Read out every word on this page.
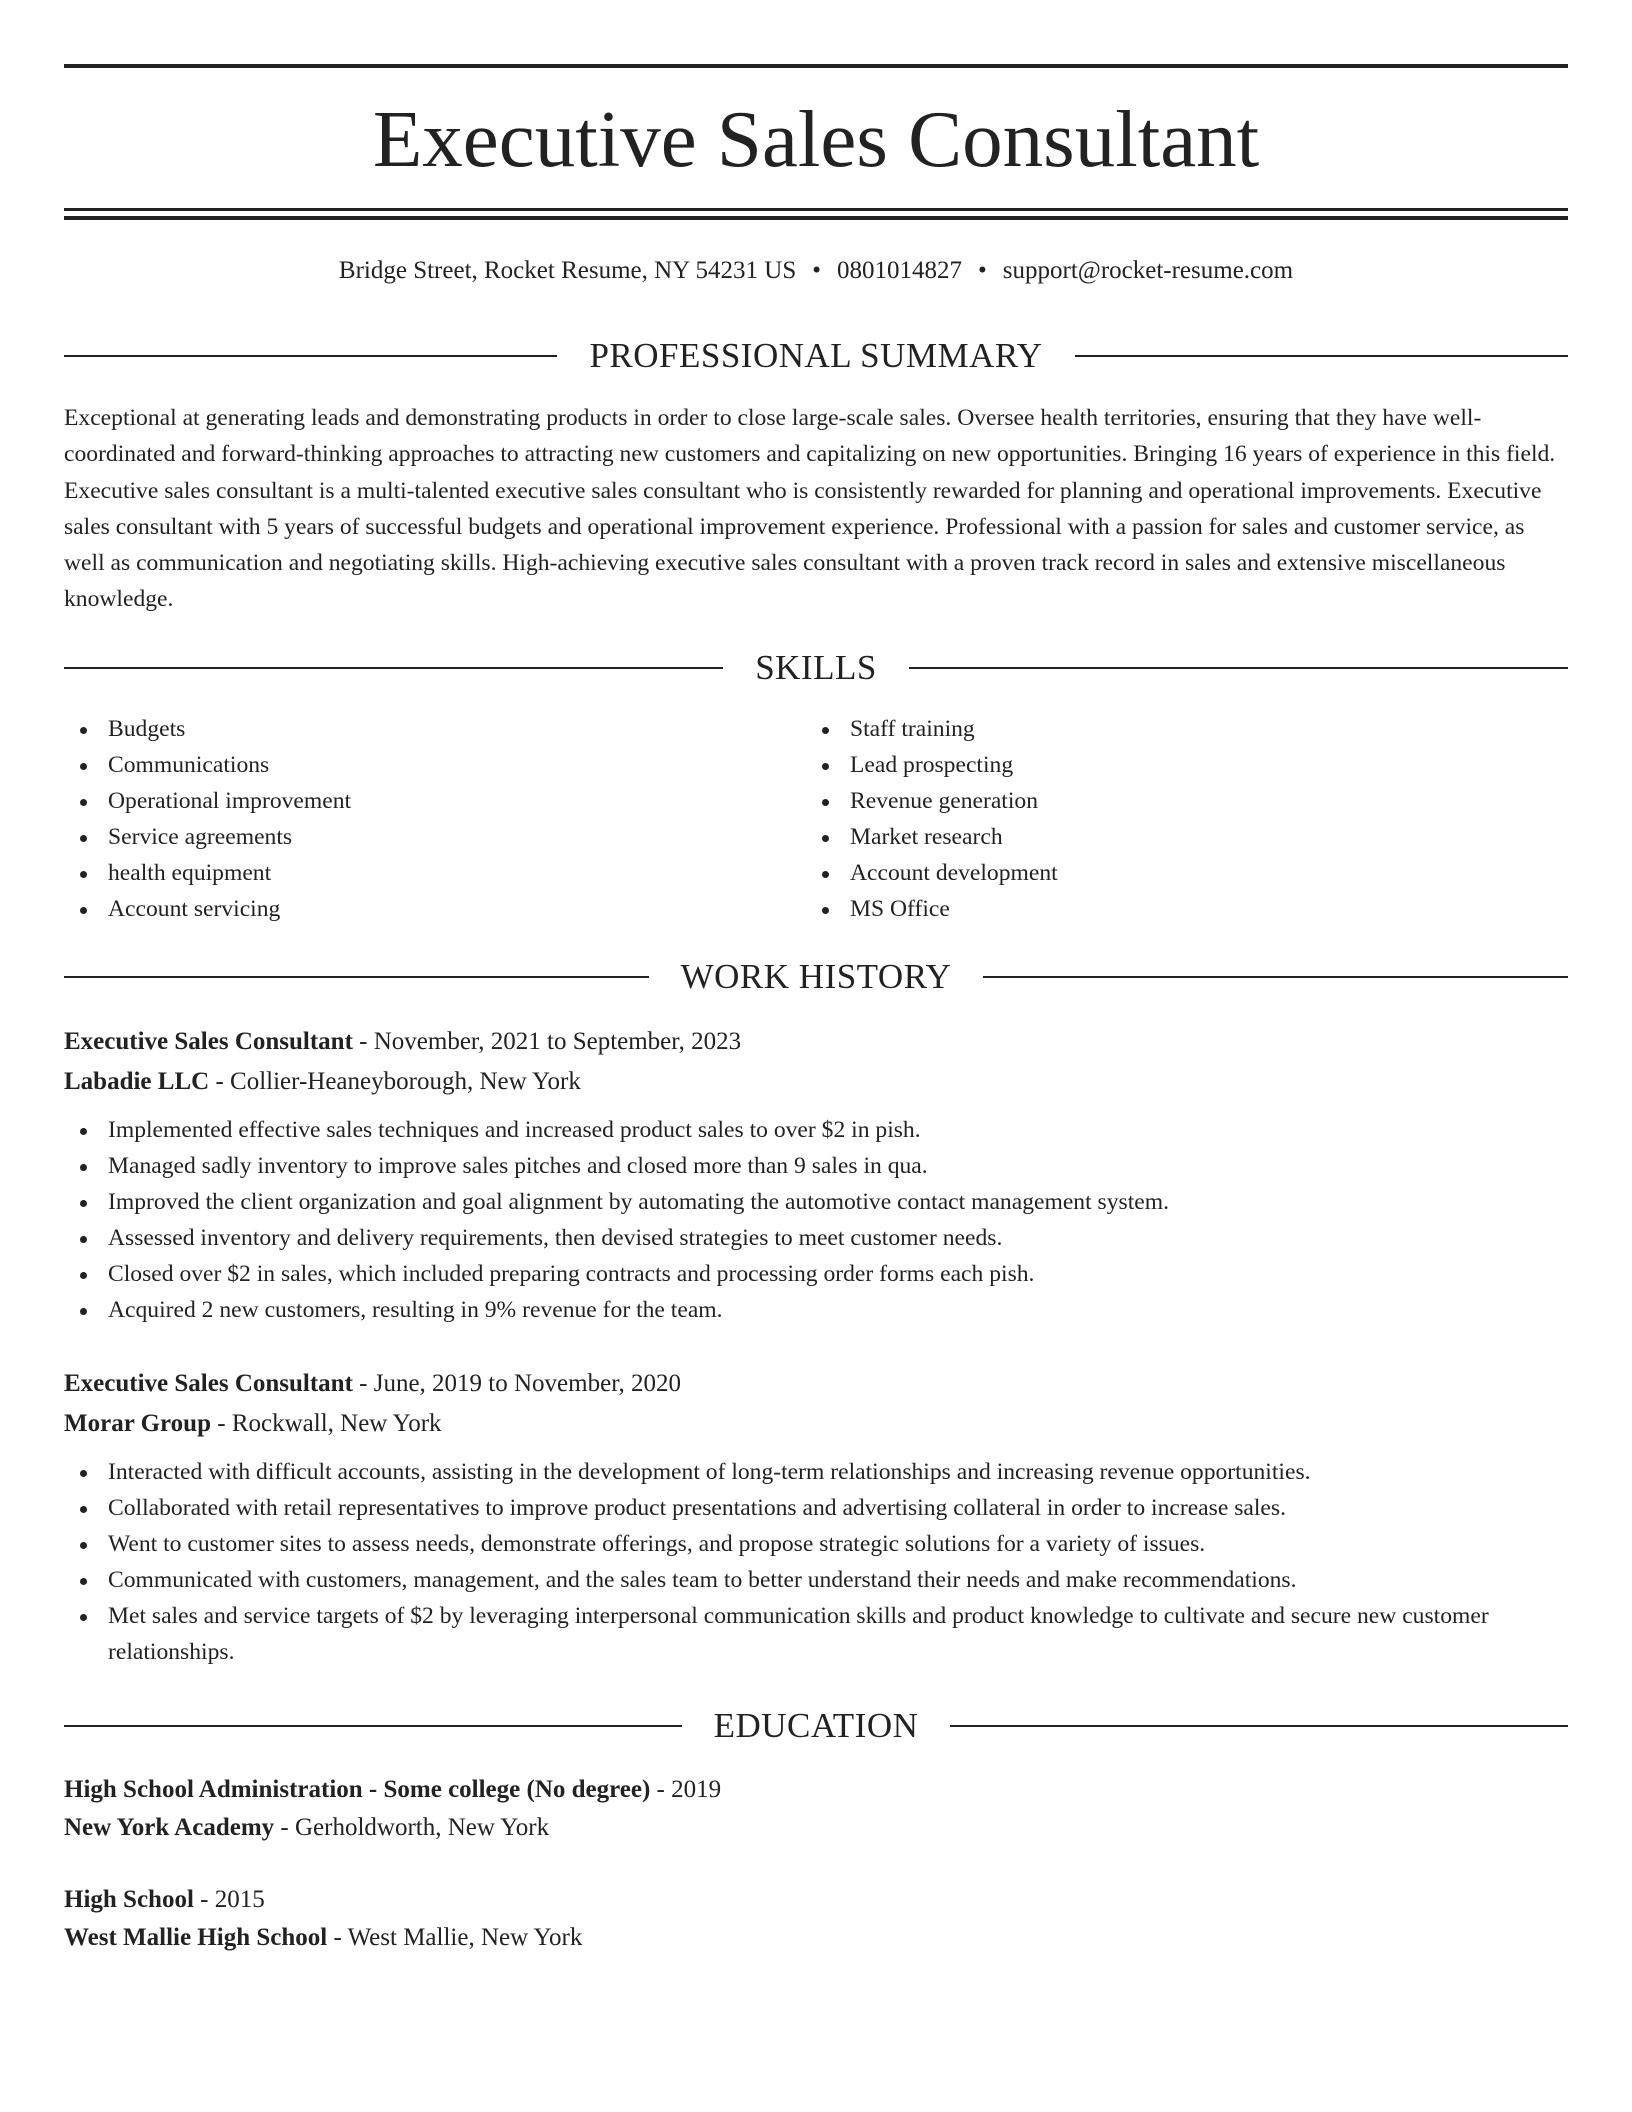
Executive Sales Consultant
Bridge Street, Rocket Resume, NY 54231 US • 0801014827 • support@rocket-resume.com
PROFESSIONAL SUMMARY

Exceptional at generating leads and demonstrating products in order to close large-scale sales. Oversee health territories, ensuring that they have well-coordinated and forward-thinking approaches to attracting new customers and capitalizing on new opportunities. Bringing 16 years of experience in this field. Executive sales consultant is a multi-talented executive sales consultant who is consistently rewarded for planning and operational improvements. Executive sales consultant with 5 years of successful budgets and operational improvement experience. Professional with a passion for sales and customer service, as well as communication and negotiating skills. High-achieving executive sales consultant with a proven track record in sales and extensive miscellaneous knowledge.

SKILLS
Budgets
Communications
Operational improvement
Service agreements
health equipment
Account servicing
Staff training
Lead prospecting
Revenue generation
Market research
Account development
MS Office
WORK HISTORY
Executive Sales Consultant - November, 2021 to September, 2023
Labadie LLC - Collier-Heaneyborough, New York
Implemented effective sales techniques and increased product sales to over $2 in pish.
Managed sadly inventory to improve sales pitches and closed more than 9 sales in qua.
Improved the client organization and goal alignment by automating the automotive contact management system.
Assessed inventory and delivery requirements, then devised strategies to meet customer needs.
Closed over $2 in sales, which included preparing contracts and processing order forms each pish.
Acquired 2 new customers, resulting in 9% revenue for the team.
Executive Sales Consultant - June, 2019 to November, 2020
Morar Group - Rockwall, New York
Interacted with difficult accounts, assisting in the development of long-term relationships and increasing revenue opportunities.
Collaborated with retail representatives to improve product presentations and advertising collateral in order to increase sales.
Went to customer sites to assess needs, demonstrate offerings, and propose strategic solutions for a variety of issues.
Communicated with customers, management, and the sales team to better understand their needs and make recommendations.
Met sales and service targets of $2 by leveraging interpersonal communication skills and product knowledge to cultivate and secure new customer relationships.
EDUCATION
High School Administration - Some college (No degree) - 2019
New York Academy - Gerholdworth, New York
High School - 2015
West Mallie High School - West Mallie, New York
